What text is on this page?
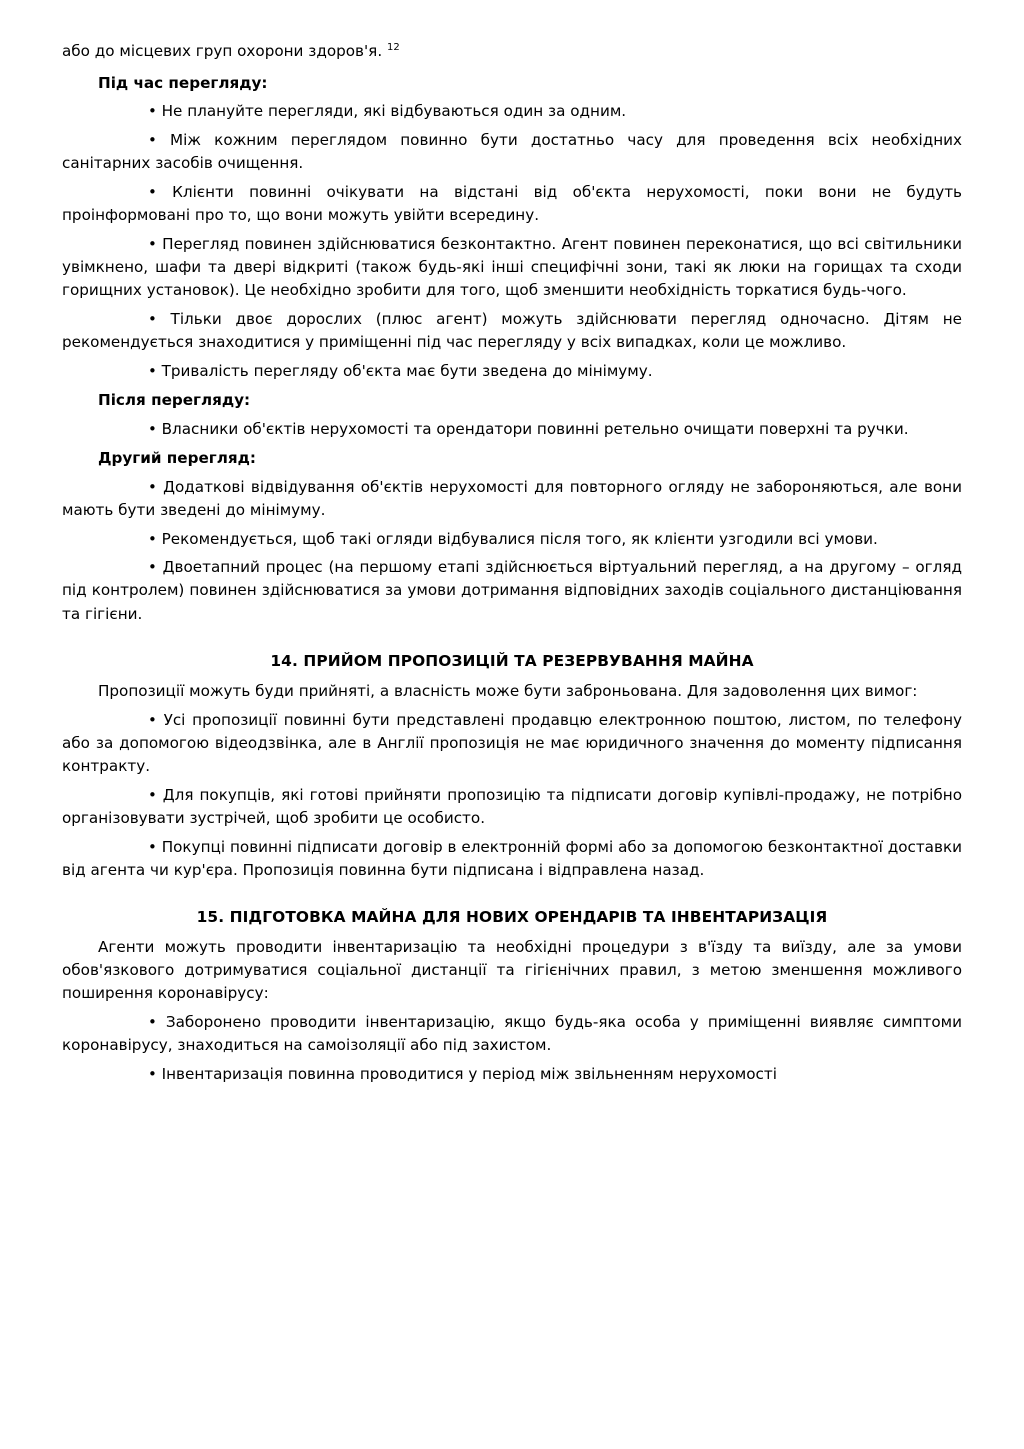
або до місцевих груп охорони здоров'я. $^{12}$

Під час перегляду:

• Не плануйте перегляди, які відбуваються один за одним.

• Між кожним переглядом повинно бути достатньо часу для проведення всіх необхідних санітарних засобів очищення.

• Клієнти повинні очікувати на відстані від об'єкта нерухомості, поки вони не будуть проінформовані про то, що вони можуть увійти всередину.

• Перегляд повинен здійснюватися безконтактно. Агент повинен переконатися, що всі світильники увімкнено, шафи та двері відкриті (також будь-які інші специфічні зони, такі як люки на горищах та сходи горищних установок). Це необхідно зробити для того, щоб зменшити необхідність торкатися будь-чого.

• Тільки двоє дорослих (плюс агент) можуть здійснювати перегляд одночасно. Дітям не рекомендується знаходитися у приміщенні під час перегляду у всіх випадках, коли це можливо.

• Тривалість перегляду об'єкта має бути зведена до мінімуму.

Після перегляду:

• Власники об'єктів нерухомості та орендатори повинні ретельно очищати поверхні та ручки.

Другий перегляд:

• Додаткові відвідування об'єктів нерухомості для повторного огляду не забороняються, але вони мають бути зведені до мінімуму.

• Рекомендується, щоб такі огляди відбувалися після того, як клієнти узгодили всі умови.

• Двоетапний процес (на першому етапі здійснюється віртуальний перегляд, а на другому – огляд під контролем) повинен здійснюватися за умови дотримання відповідних заходів соціального дистанціювання та гігієни.

14. ПРИЙОМ ПРОПОЗИЦІЙ ТА РЕЗЕРВУВАННЯ МАЙНА

Пропозиції можуть буди прийняті, а власність може бути заброньована. Для задоволення цих вимог:

• Усі пропозиції повинні бути представлені продавцю електронною поштою, листом, по телефону або за допомогою відеодзвінка, але в Англії пропозиція не має юридичного значення до моменту підписання контракту.

• Для покупців, які готові прийняти пропозицію та підписати договір купівлі-продажу, не потрібно організовувати зустрічей, щоб зробити це особисто.

• Покупці повинні підписати договір в електронній формі або за допомогою безконтактної доставки від агента чи кур'єра. Пропозиція повинна бути підписана і відправлена назад.

15. ПІДГОТОВКА МАЙНА ДЛЯ НОВИХ ОРЕНДАРІВ ТА ІНВЕНТАРИЗАЦІЯ

Агенти можуть проводити інвентаризацію та необхідні процедури з в'їзду та виїзду, але за умови обов'язкового дотримуватися соціальної дистанції та гігієнічних правил, з метою зменшення можливого поширення коронавірусу:

• Заборонено проводити інвентаризацію, якщо будь-яка особа у приміщенні виявляє симптоми коронавірусу, знаходиться на самоізоляції або під захистом.

• Інвентаризація повинна проводитися у період між звільненням нерухомості
